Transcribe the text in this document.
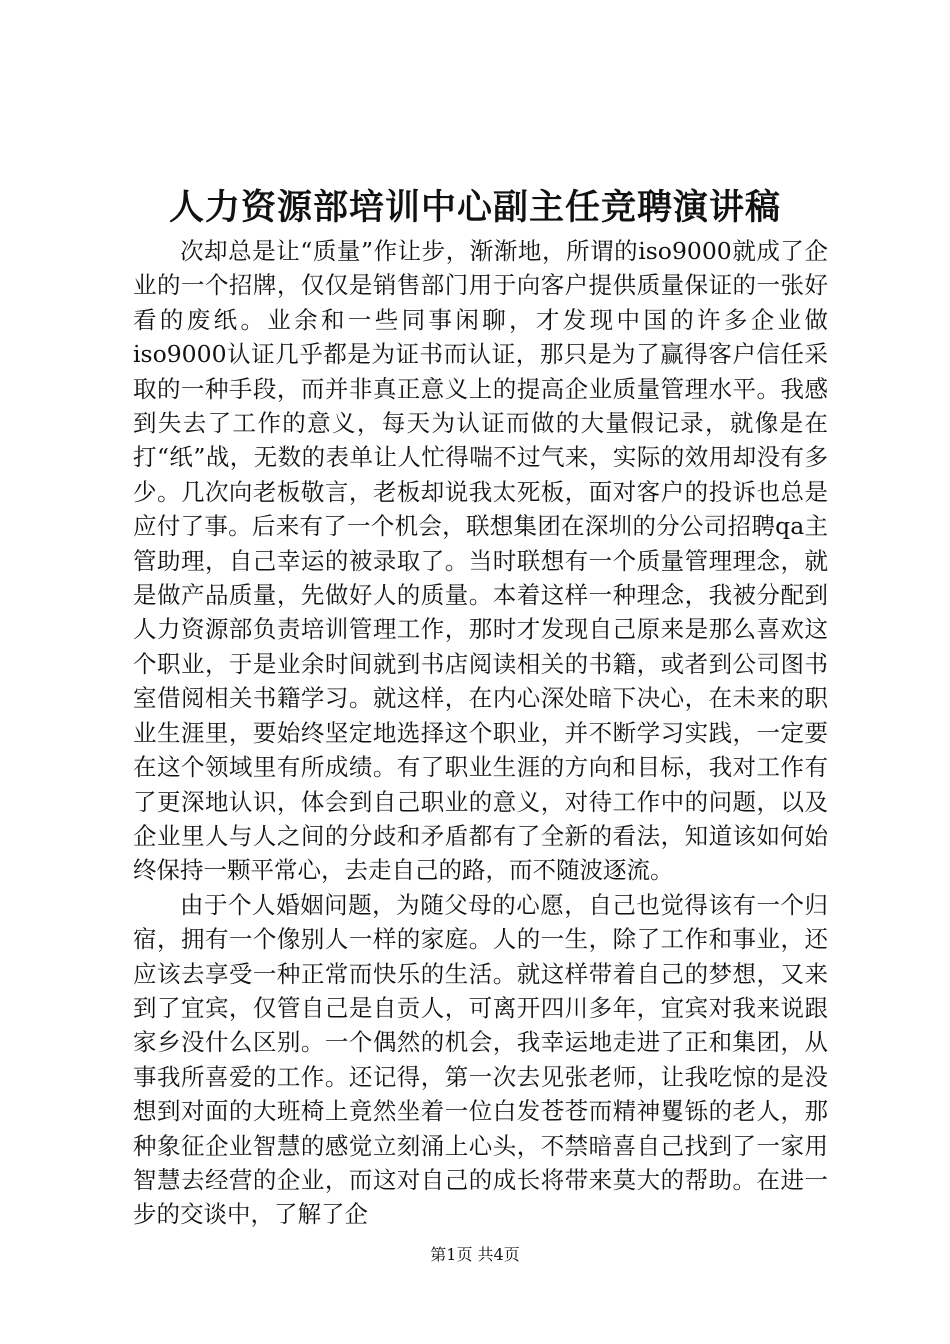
人力资源部培训中心副主任竞聘演讲稿

次却总是让“质量”作让步，渐渐地，所谓的iso9000就成了企业的一个招牌，仅仅是销售部门用于向客户提供质量保证的一张好看的废纸。业余和一些同事闲聊，才发现中国的许多企业做iso9000认证几乎都是为证书而认证，那只是为了赢得客户信任采取的一种手段，而并非真正意义上的提高企业质量管理水平。我感到失去了工作的意义，每天为认证而做的大量假记录，就像是在打“纸”战，无数的表单让人忙得喘不过气来，实际的效用却没有多少。几次向老板敬言，老板却说我太死板，面对客户的投诉也总是应付了事。后来有了一个机会，联想集团在深圳的分公司招聘qa主管助理，自己幸运的被录取了。当时联想有一个质量管理理念，就是做产品质量，先做好人的质量。本着这样一种理念，我被分配到人力资源部负责培训管理工作，那时才发现自己原来是那么喜欢这个职业，于是业余时间就到书店阅读相关的书籍，或者到公司图书室借阅相关书籍学习。就这样，在内心深处暗下决心，在未来的职业生涯里，要始终坚定地选择这个职业，并不断学习实践，一定要在这个领域里有所成绩。有了职业生涯的方向和目标，我对工作有了更深地认识，体会到自己职业的意义，对待工作中的问题，以及企业里人与人之间的分歧和矛盾都有了全新的看法，知道该如何始终保持一颗平常心，去走自己的路，而不随波逐流。

由于个人婚姻问题，为随父母的心愿，自己也觉得该有一个归宿，拥有一个像别人一样的家庭。人的一生，除了工作和事业，还应该去享受一种正常而快乐的生活。就这样带着自己的梦想，又来到了宜宾，仅管自己是自贡人，可离开四川多年，宜宾对我来说跟家乡没什么区别。一个偶然的机会，我幸运地走进了正和集团，从事我所喜爱的工作。还记得，第一次去见张老师，让我吃惊的是没想到对面的大班椅上竟然坐着一位白发苍苍而精神矍铄的老人，那种象征企业智慧的感觉立刻涌上心头，不禁暗喜自己找到了一家用智慧去经营的企业，而这对自己的成长将带来莫大的帮助。在进一步的交谈中，了解了企

第1页 共4页
